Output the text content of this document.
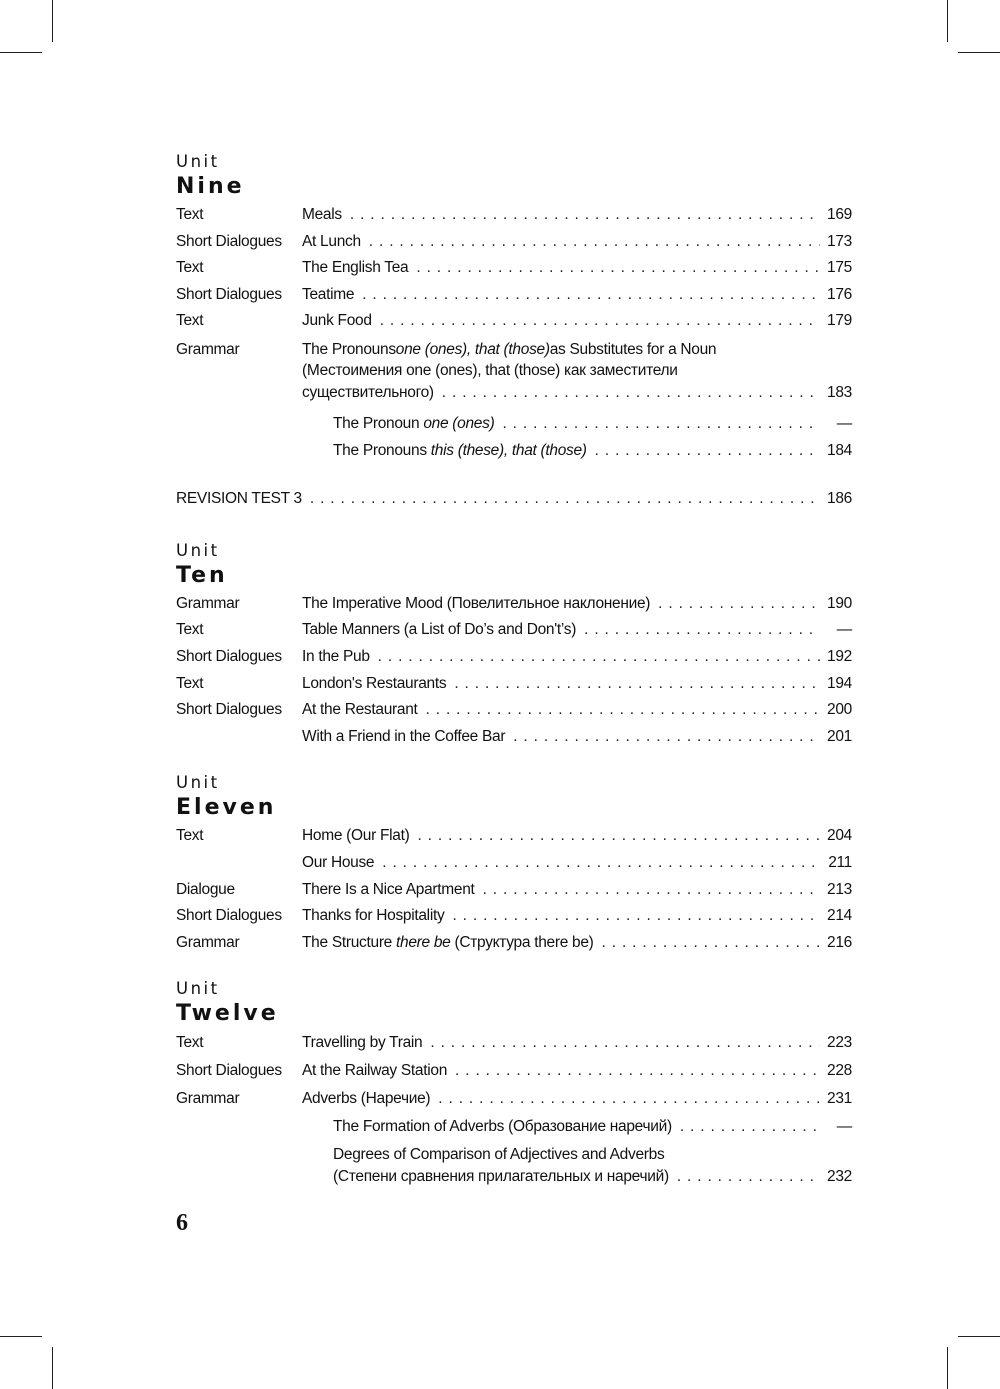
Unit
Nine
Text	Meals . . .	169
Short Dialogues	At Lunch . . .	173
Text	The English Tea . . .	175
Short Dialogues	Teatime . . .	176
Text	Junk Food . . .	179
Grammar	The Pronouns one (ones), that (those) as Substitutes for a Noun
(Местоимения one (ones), that (those) как заместители
существительного) . . .	183
The Pronoun one (ones) . . .	—
The Pronouns this (these), that (those) . . .	184
REVISION TEST 3 . . .	186
Unit
Ten
Grammar	The Imperative Mood (Повелительное наклонение) . . .	190
Text	Table Manners (a List of Do’s and Don't’s) . . .	—
Short Dialogues	In the Pub . . .	192
Text	London's Restaurants . . .	194
Short Dialogues	At the Restaurant . . .	200
With a Friend in the Coffee Bar . . .	201
Unit
Eleven
Text	Home (Our Flat) . . .	204
Our House . . .	211
Dialogue	There Is a Nice Apartment . . .	213
Short Dialogues	Thanks for Hospitality . . .	214
Grammar	The Structure there be (Структура there be) . . .	216
Unit
Twelve
Text	Travelling by Train . . .	223
Short Dialogues	At the Railway Station . . .	228
Grammar	Adverbs (Наречие) . . .	231
The Formation of Adverbs (Образование наречий) . . .	—
Degrees of Comparison of Adjectives and Adverbs
(Степени сравнения прилагательных и наречий) . . .	232
6
